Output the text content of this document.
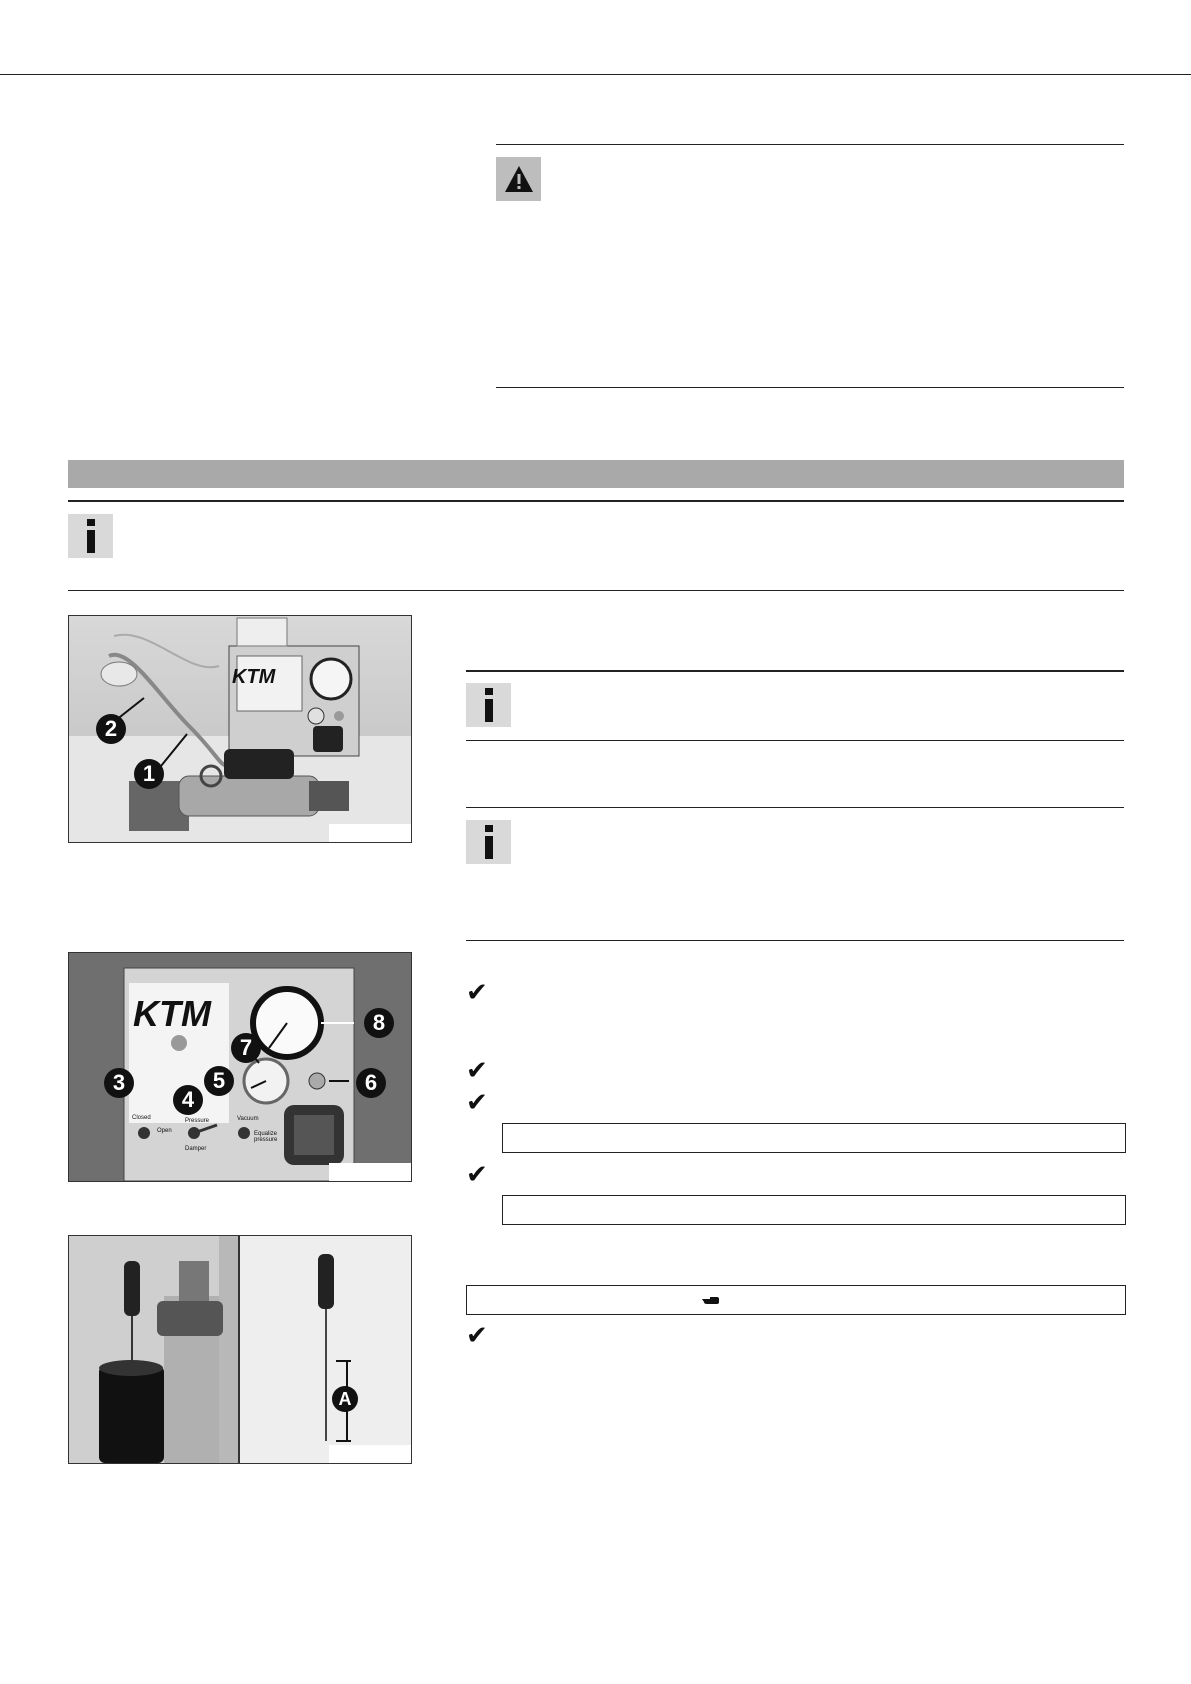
2
1
KTM
KTM	8
7
3
4
5	6
Closed
Open
Pressure
Damper
Vacuum
Equalize pressure
✔
✔
✔
✔
✔
A
